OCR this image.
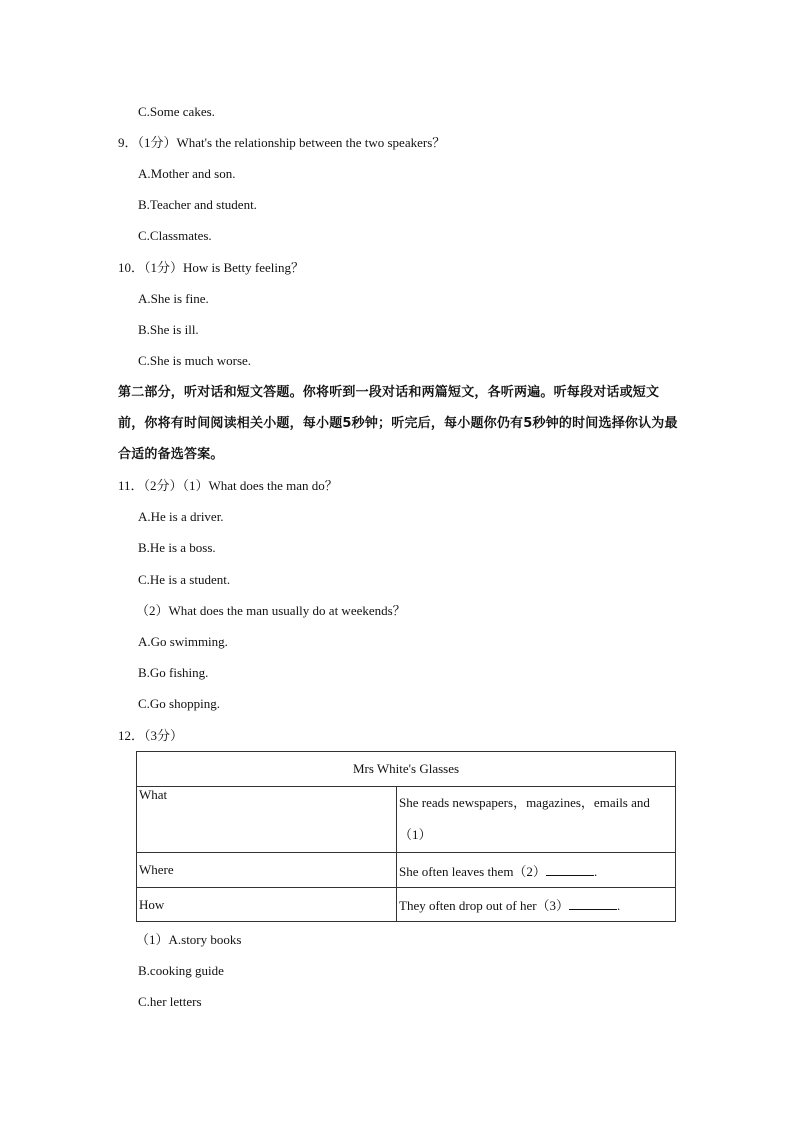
C.Some cakes.
9．（1分）What's the relationship between the two speakers？
A.Mother and son.
B.Teacher and student.
C.Classmates.
10．（1分）How is Betty feeling？
A.She is fine.
B.She is ill.
C.She is much worse.
第二部分，听对话和短文答题。你将听到一段对话和两篇短文，各听两遍。听每段对话或短文前，你将有时间阅读相关小题，每小题5秒钟；听完后，每小题你仍有5秒钟的时间选择你认为最合适的备选答案。
11．（2分）（1）What does the man do？
A.He is a driver.
B.He is a boss.
C.He is a student.
（2）What does the man usually do at weekends？
A.Go swimming.
B.Go fishing.
C.Go shopping.
12．（3分）
Mrs White's Glasses	
What	She reads newspapers，magazines，emails and
（1）

Where	She often leaves them（2） .
How	They often drop out of her（3） .
（1）A.story books
B.cooking guide
C.her letters
